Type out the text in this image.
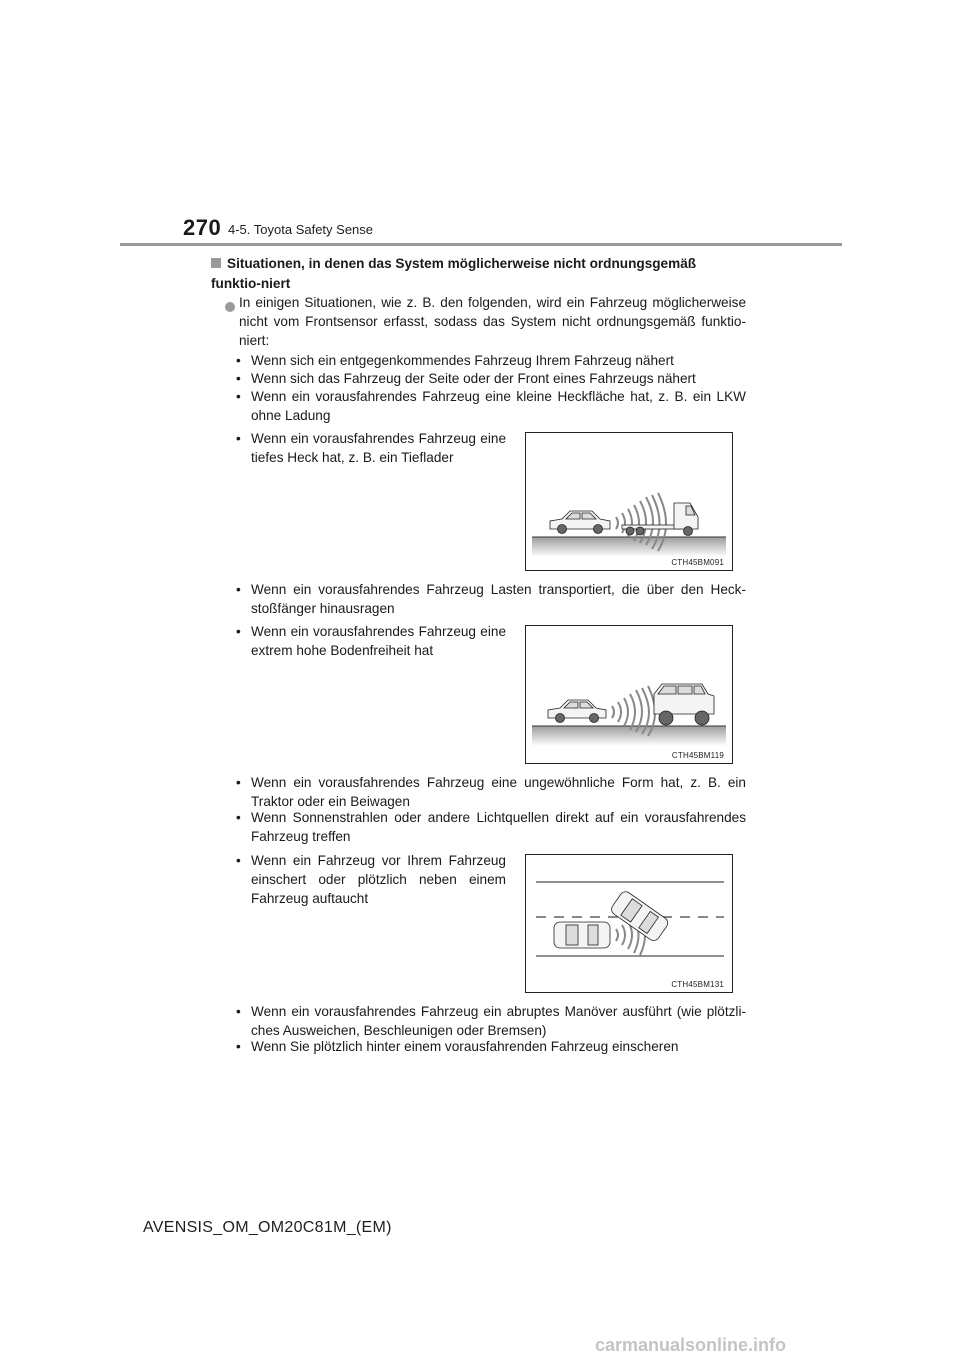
270 4-5. Toyota Safety Sense
Situationen, in denen das System möglicherweise nicht ordnungsgemäß funktio-niert
In einigen Situationen, wie z. B. den folgenden, wird ein Fahrzeug möglicherweise nicht vom Frontsensor erfasst, sodass das System nicht ordnungsgemäß funktio-niert:
• Wenn sich ein entgegenkommendes Fahrzeug Ihrem Fahrzeug nähert
• Wenn sich das Fahrzeug der Seite oder der Front eines Fahrzeugs nähert
• Wenn ein vorausfahrendes Fahrzeug eine kleine Heckfläche hat, z. B. ein LKW ohne Ladung
• Wenn ein vorausfahrendes Fahrzeug eine tiefes Heck hat, z. B. ein Tieflader
CTH45BM091
• Wenn ein vorausfahrendes Fahrzeug Lasten transportiert, die über den Heck-stoßfänger hinausragen
• Wenn ein vorausfahrendes Fahrzeug eine extrem hohe Bodenfreiheit hat
CTH45BM119
• Wenn ein vorausfahrendes Fahrzeug eine ungewöhnliche Form hat, z. B. ein Traktor oder ein Beiwagen
• Wenn Sonnenstrahlen oder andere Lichtquellen direkt auf ein vorausfahrendes Fahrzeug treffen
• Wenn ein Fahrzeug vor Ihrem Fahrzeug einschert oder plötzlich neben einem Fahrzeug auftaucht
CTH45BM131
• Wenn ein vorausfahrendes Fahrzeug ein abruptes Manöver ausführt (wie plötzli-ches Ausweichen, Beschleunigen oder Bremsen)
• Wenn Sie plötzlich hinter einem vorausfahrenden Fahrzeug einscheren
AVENSIS_OM_OM20C81M_(EM)
carmanualsonline.info
